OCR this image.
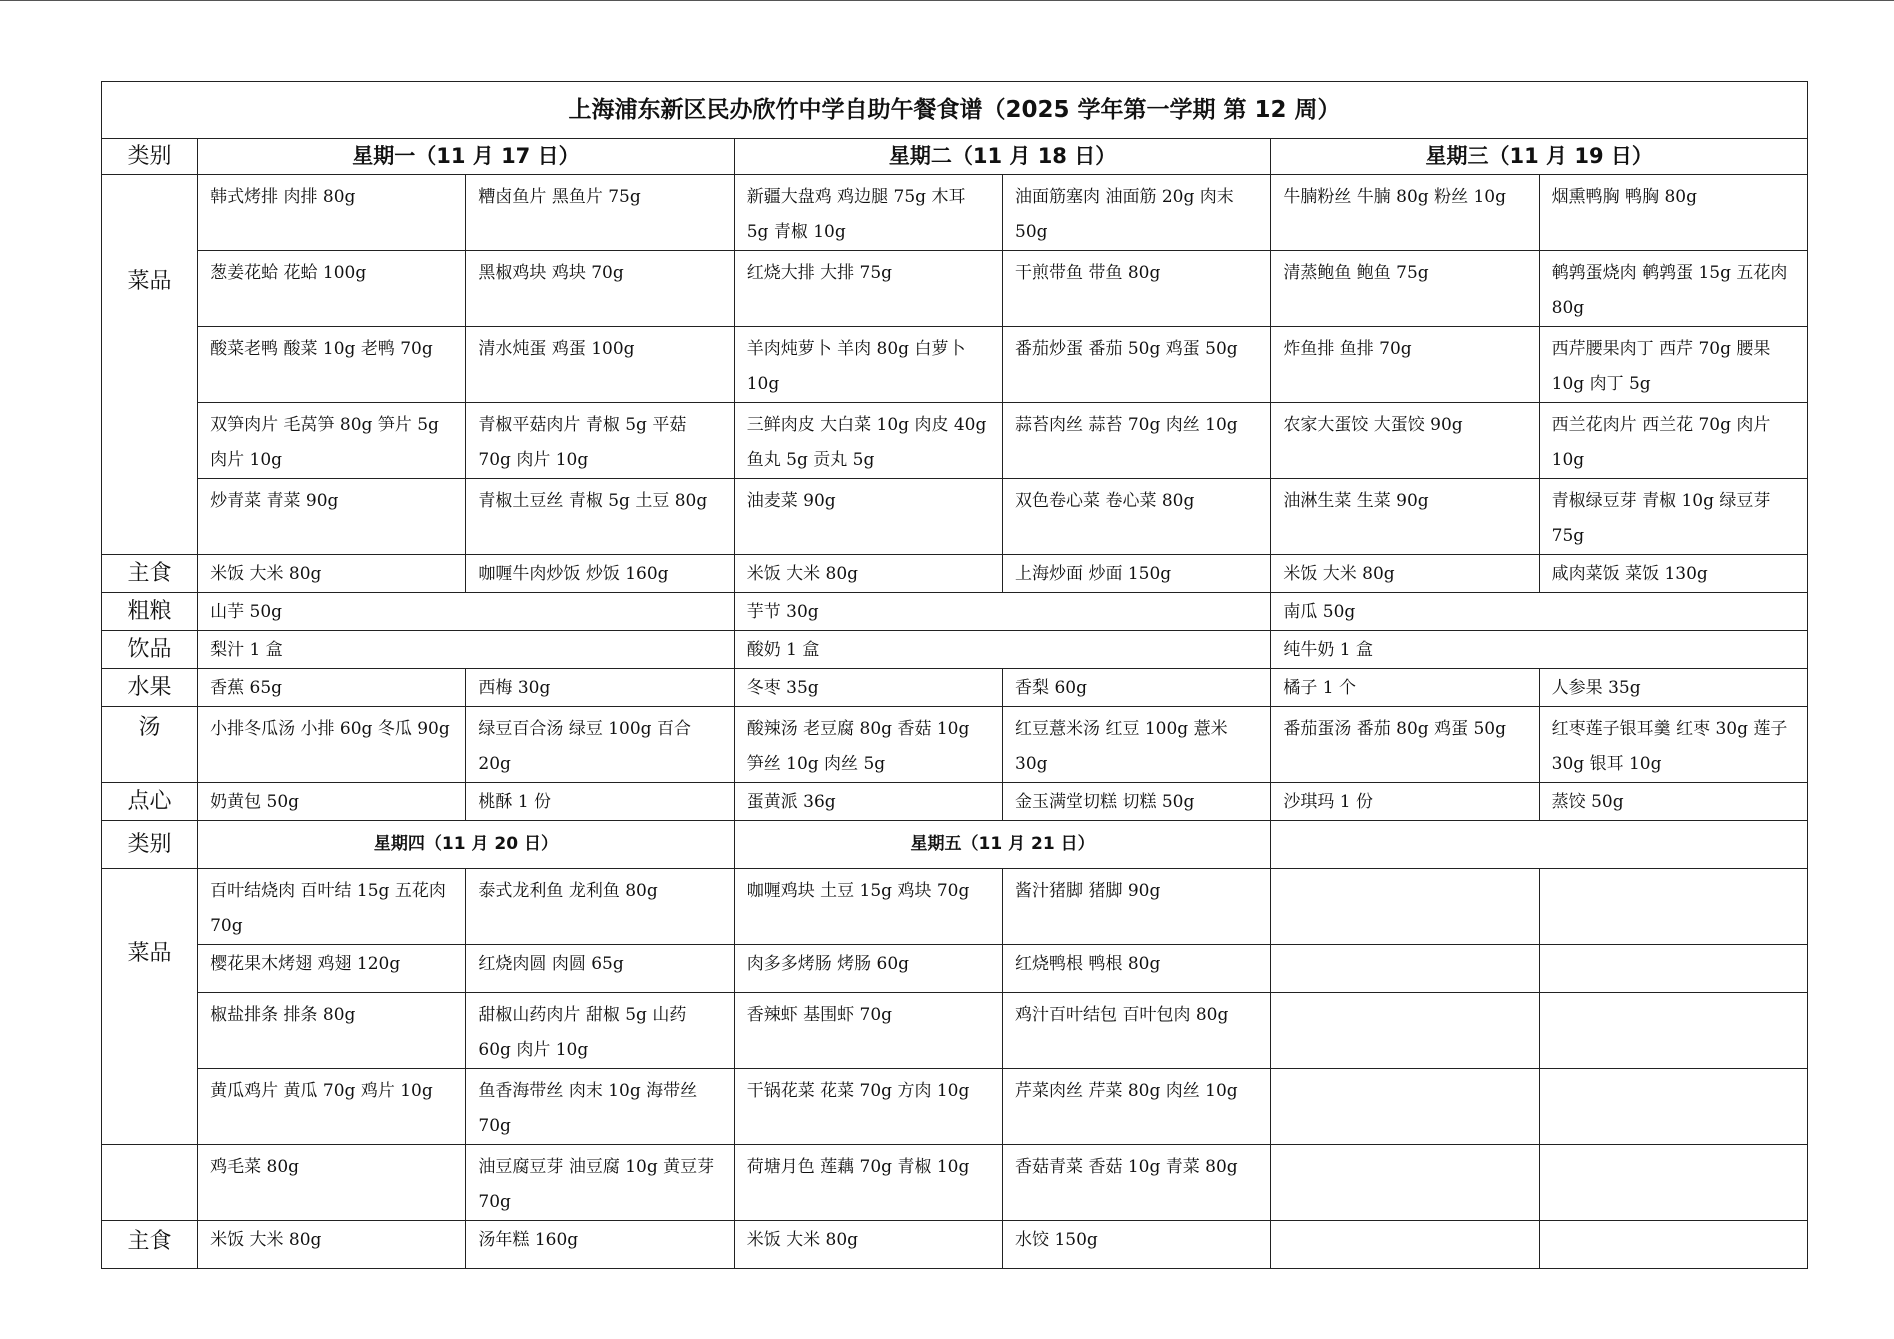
上海浦东新区民办欣竹中学自助午餐食谱（2025 学年第一学期 第 12 周）						
类别	星期一（11 月 17 日）		星期二（11 月 18 日）		星期三（11 月 19 日）	
菜品	韩式烤排 肉排 80g	糟卤鱼片 黑鱼片 75g	新疆大盘鸡 鸡边腿 75g 木耳 5g 青椒 10g	油面筋塞肉 油面筋 20g 肉末 50g	牛腩粉丝 牛腩 80g 粉丝 10g	烟熏鸭胸 鸭胸 80g
	葱姜花蛤 花蛤 100g	黑椒鸡块 鸡块 70g	红烧大排 大排 75g	干煎带鱼 带鱼 80g	清蒸鲍鱼 鲍鱼 75g	鹌鹑蛋烧肉 鹌鹑蛋 15g 五花肉 80g
	酸菜老鸭 酸菜 10g 老鸭 70g	清水炖蛋 鸡蛋 100g	羊肉炖萝卜 羊肉 80g 白萝卜 10g	番茄炒蛋 番茄 50g 鸡蛋 50g	炸鱼排 鱼排 70g	西芹腰果肉丁 西芹 70g 腰果 10g 肉丁 5g
	双笋肉片 毛莴笋 80g 笋片 5g 肉片 10g	青椒平菇肉片 青椒 5g 平菇 70g 肉片 10g	三鲜肉皮 大白菜 10g 肉皮 40g 鱼丸 5g 贡丸 5g	蒜苔肉丝 蒜苔 70g 肉丝 10g	农家大蛋饺 大蛋饺 90g	西兰花肉片 西兰花 70g 肉片 10g
	炒青菜 青菜 90g	青椒土豆丝 青椒 5g 土豆 80g	油麦菜 90g	双色卷心菜 卷心菜 80g	油淋生菜 生菜 90g	青椒绿豆芽 青椒 10g 绿豆芽 75g
主食	米饭 大米 80g	咖喱牛肉炒饭 炒饭 160g	米饭 大米 80g	上海炒面 炒面 150g	米饭 大米 80g	咸肉菜饭 菜饭 130g
粗粮	山芋 50g		芋节 30g		南瓜 50g	
饮品	梨汁 1 盒		酸奶 1 盒		纯牛奶 1 盒	
水果	香蕉 65g	西梅 30g	冬枣 35g	香梨 60g	橘子 1 个	人参果 35g
汤	小排冬瓜汤 小排 60g 冬瓜 90g	绿豆百合汤 绿豆 100g 百合 20g	酸辣汤 老豆腐 80g 香菇 10g 笋丝 10g 肉丝 5g	红豆薏米汤 红豆 100g 薏米 30g	番茄蛋汤 番茄 80g 鸡蛋 50g	红枣莲子银耳羹 红枣 30g 莲子 30g 银耳 10g
点心	奶黄包 50g	桃酥 1 份	蛋黄派 36g	金玉满堂切糕 切糕 50g	沙琪玛 1 份	蒸饺 50g
类别	星期四（11 月 20 日）		星期五（11 月 21 日）			
菜品	百叶结烧肉 百叶结 15g 五花肉 70g	泰式龙利鱼 龙利鱼 80g	咖喱鸡块 土豆 15g 鸡块 70g	酱汁猪脚 猪脚 90g		
	樱花果木烤翅 鸡翅 120g	红烧肉圆 肉圆 65g	肉多多烤肠 烤肠 60g	红烧鸭根 鸭根 80g		
	椒盐排条 排条 80g	甜椒山药肉片 甜椒 5g 山药 60g 肉片 10g	香辣虾 基围虾 70g	鸡汁百叶结包 百叶包肉 80g		
	黄瓜鸡片 黄瓜 70g 鸡片 10g	鱼香海带丝 肉末 10g 海带丝 70g	干锅花菜 花菜 70g 方肉 10g	芹菜肉丝 芹菜 80g 肉丝 10g		
	鸡毛菜 80g	油豆腐豆芽 油豆腐 10g 黄豆芽 70g	荷塘月色 莲藕 70g 青椒 10g	香菇青菜 香菇 10g 青菜 80g		
主食	米饭 大米 80g	汤年糕 160g	米饭 大米 80g	水饺 150g		
